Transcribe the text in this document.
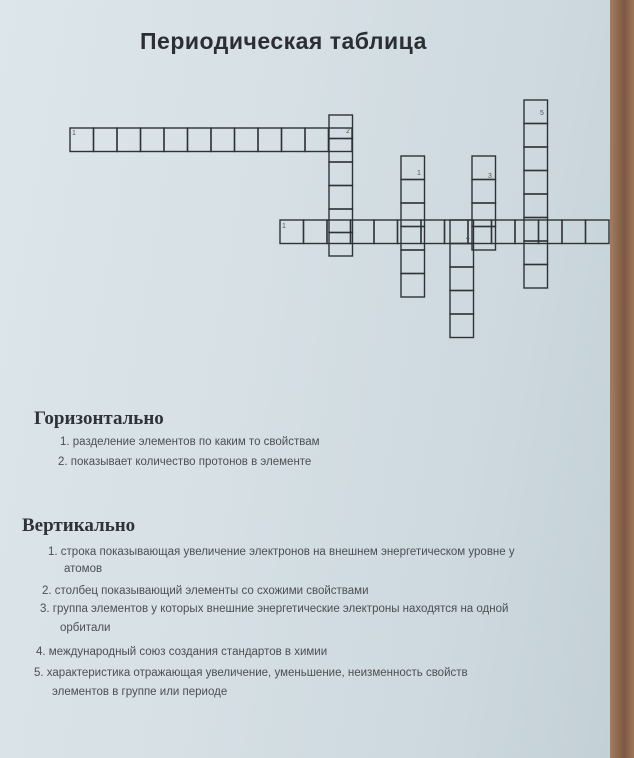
Периодическая таблица
1	2
1
1	3
4
5
Горизонтально
1. разделение элементов по каким то свойствам
2. показывает количество протонов в элементе
Вертикально
1. строка показывающая увеличение электронов на внешнем энергетическом уровне у
атомов
2. столбец показывающий элементы со схожими свойствами
3. группа элементов у которых внешние энергетические электроны находятся на одной
орбитали
4. международный союз создания стандартов в химии
5. характеристика отражающая увеличение, уменьшение, неизменность свойств
элементов в группе или периоде
